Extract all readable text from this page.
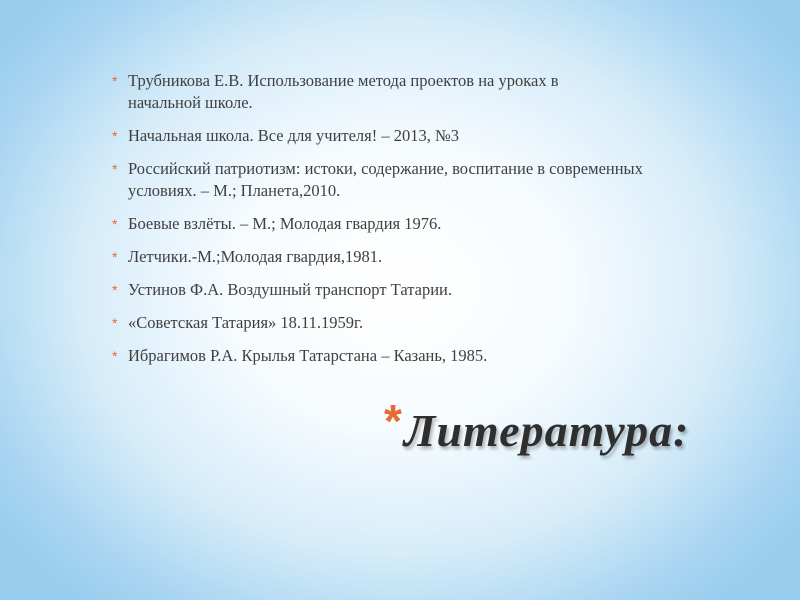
* Трубникова Е.В. Использование метода проектов на уроках в начальной школе.
* Начальная школа. Все для учителя! – 2013, №3
* Российский патриотизм: истоки, содержание, воспитание в современных условиях. – М.; Планета,2010.
* Боевые взлёты. – М.; Молодая гвардия 1976.
* Летчики.-М.;Молодая гвардия,1981.
* Устинов Ф.А. Воздушный транспорт Татарии.
* «Советская Татария» 18.11.1959г.
* Ибрагимов Р.А. Крылья Татарстана – Казань, 1985.
*Литература:
